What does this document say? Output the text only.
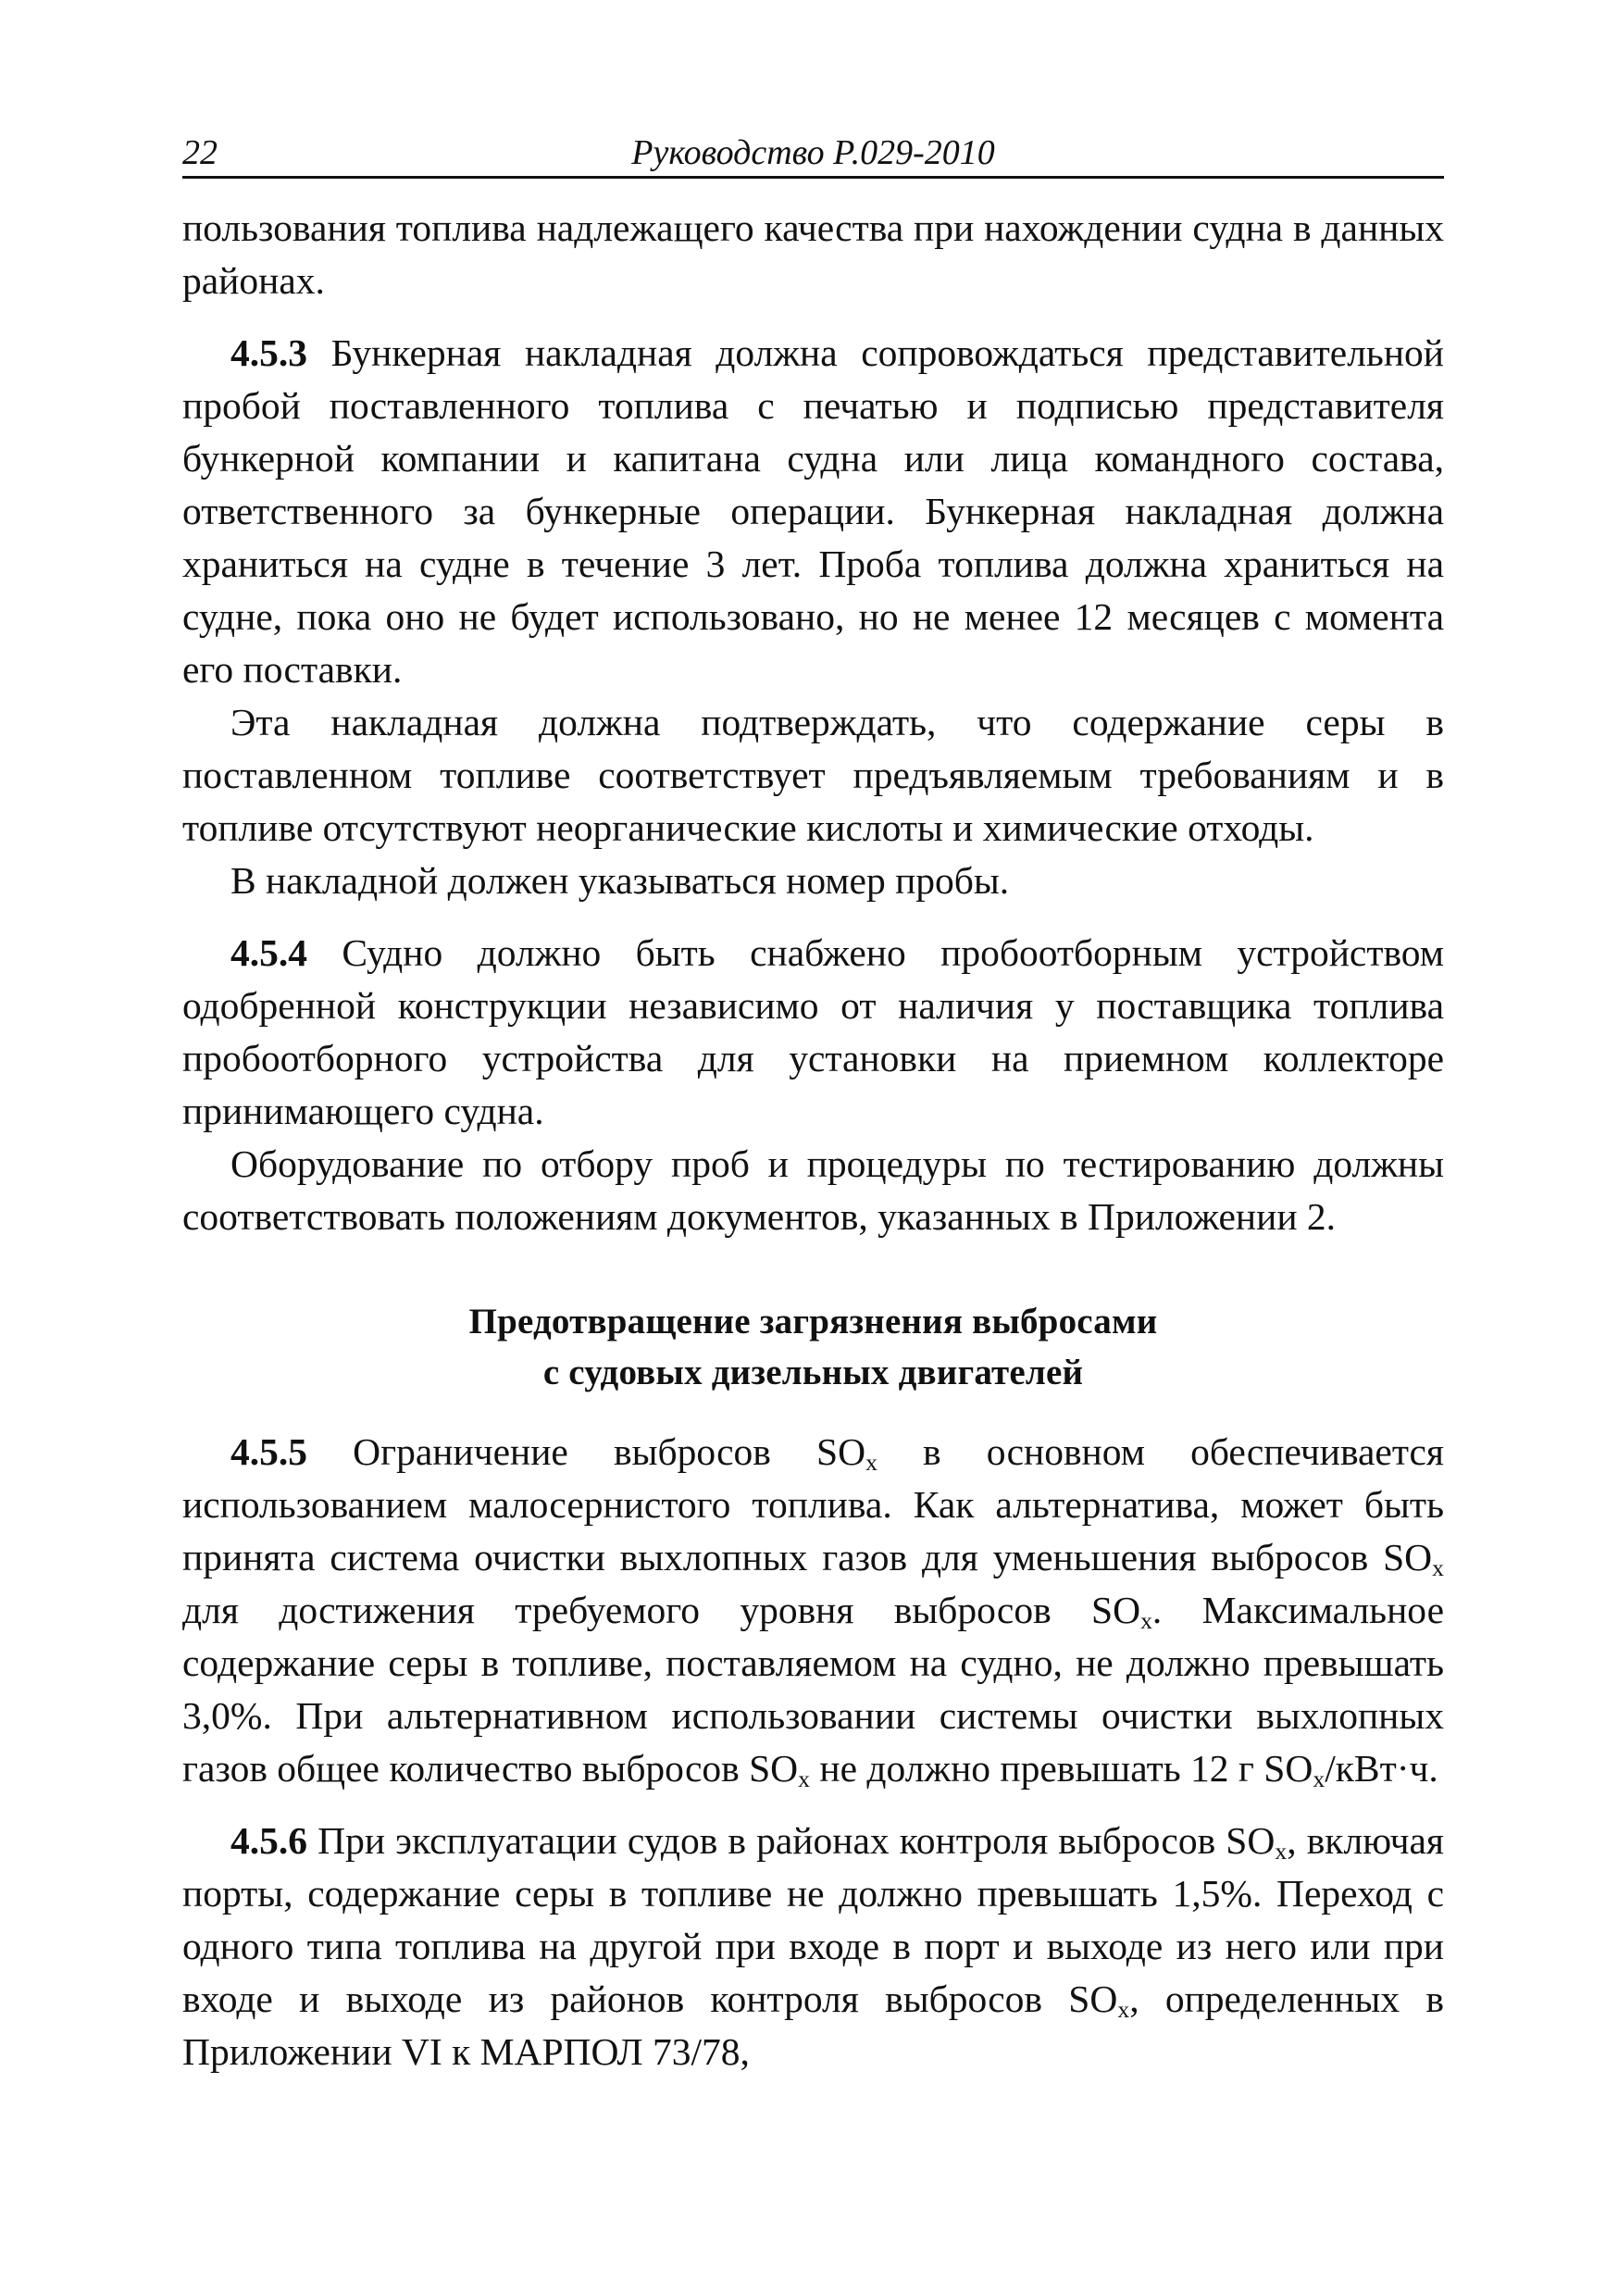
22	Руководство Р.029-2010

пользования топлива надлежащего качества при нахождении судна в данных районах.

4.5.3 Бункерная накладная должна сопровождаться представительной пробой поставленного топлива с печатью и подписью представителя бункерной компании и капитана судна или лица командного состава, ответственного за бункерные операции. Бункерная накладная должна храниться на судне в течение 3 лет. Проба топлива должна храниться на судне, пока оно не будет использовано, но не менее 12 месяцев с момента его поставки.

Эта накладная должна подтверждать, что содержание серы в поставленном топливе соответствует предъявляемым требованиям и в топливе отсутствуют неорганические кислоты и химические отходы.

В накладной должен указываться номер пробы.

4.5.4 Судно должно быть снабжено пробоотборным устройством одобренной конструкции независимо от наличия у поставщика топлива пробоотборного устройства для установки на приемном коллекторе принимающего судна.

Оборудование по отбору проб и процедуры по тестированию должны соответствовать положениям документов, указанных в Приложении 2.

Предотвращение загрязнения выбросами
с судовых дизельных двигателей

4.5.5 Ограничение выбросов $SO_x$ в основном обеспечивается использованием малосернистого топлива. Как альтернатива, может быть принята система очистки выхлопных газов для уменьшения выбросов $SO_x$ для достижения требуемого уровня выбросов $SO_x$. Максимальное содержание серы в топливе, поставляемом на судно, не должно превышать 3,0%. При альтернативном использовании системы очистки выхлопных газов общее количество выбросов $SO_x$ не должно превышать 12 г $SO_x/кВт\cdot ч$.

4.5.6 При эксплуатации судов в районах контроля выбросов $SO_x$, включая порты, содержание серы в топливе не должно превышать 1,5%. Переход с одного типа топлива на другой при входе в порт и выходе из него или при входе и выходе из районов контроля выбросов $SO_x$, определенных в Приложении VI к МАРПОЛ 73/78,
